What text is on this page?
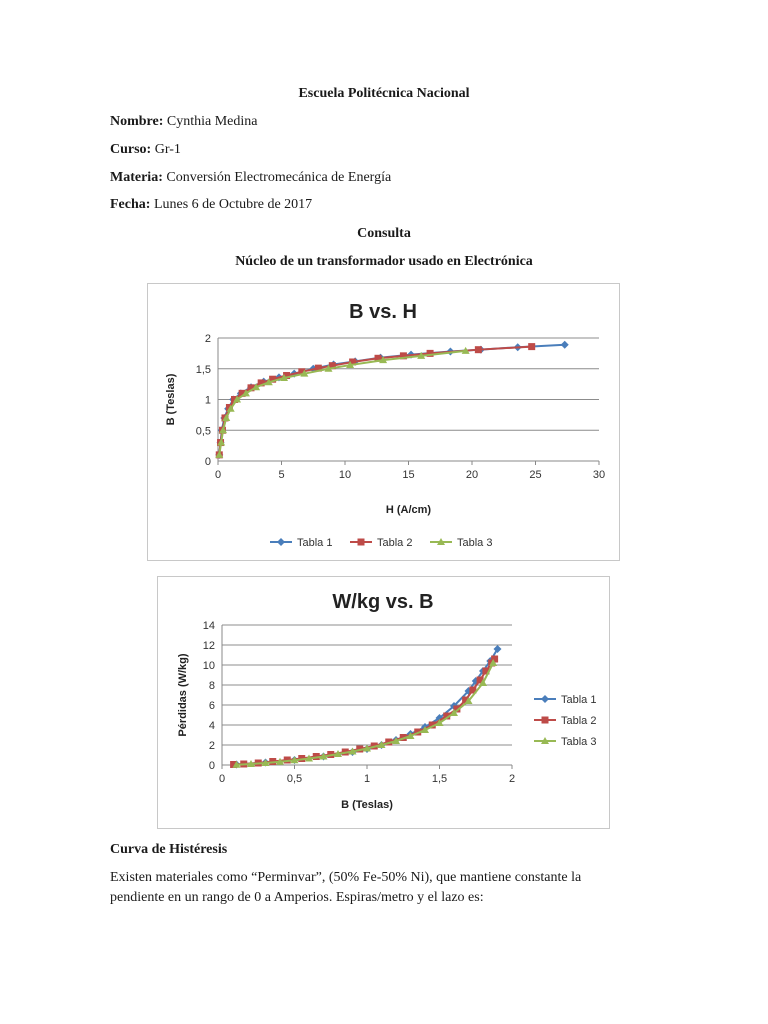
Escuela Politécnica Nacional
Nombre: Cynthia Medina
Curso: Gr-1
Materia: Conversión Electromecánica de Energía
Fecha: Lunes 6 de Octubre de 2017
Consulta
Núcleo de un transformador usado en Electrónica
B vs. H
0
0,5
1
1,5
2
0	5	10	15	20	25	30
H (A/cm)
B (Teslas)
Tabla 1	Tabla 2	Tabla 3
W/kg vs. B
0
2
4
6
8
10
12
14
0	0,5	1	1,5	2
B (Teslas)
Pérdidas (W/kg)	Tabla 1
Tabla 2
Tabla 3
Curva de Histéresis
Existen materiales como “Perminvar”, (50% Fe-50% Ni), que mantiene constante la
pendiente en un rango de 0 a Amperios. Espiras/metro y el lazo es:
